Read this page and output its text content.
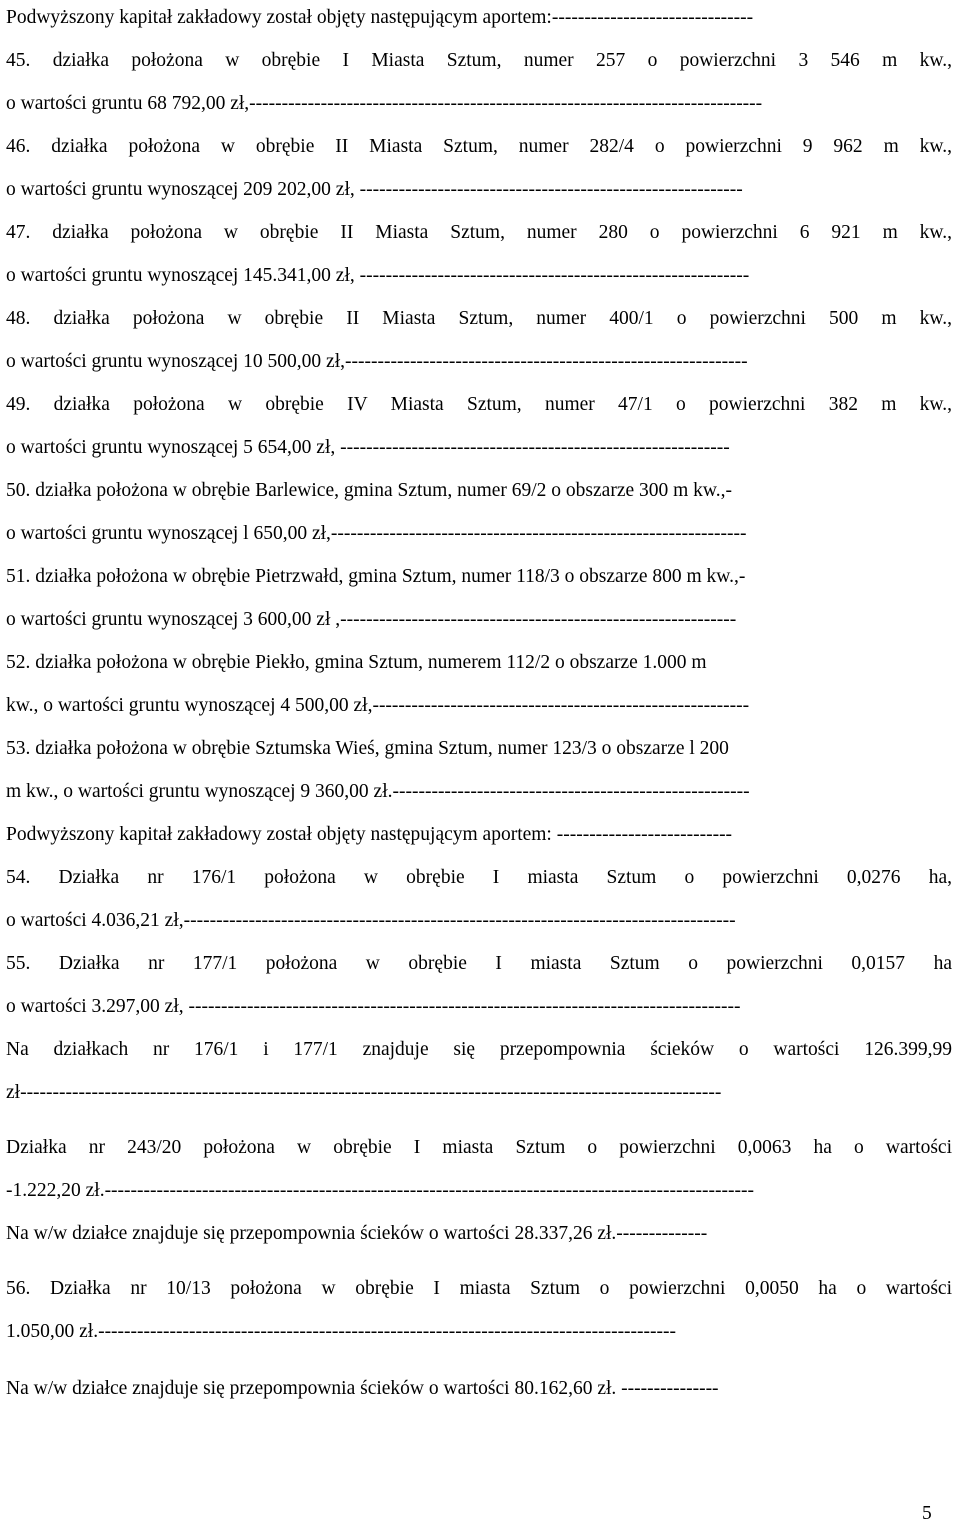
Podwyższony kapitał zakładowy został objęty następującym aportem:-------------------------------
45. działka położona w obrębie I Miasta Sztum, numer 257 o powierzchni 3 546 m kw.,
o wartości gruntu 68 792,00 zł,-------------------------------------------------------------------------------
46. działka położona w obrębie II Miasta Sztum, numer 282/4 o powierzchni 9 962 m kw.,
o wartości gruntu wynoszącej 209 202,00 zł, -----------------------------------------------------------
47. działka położona w obrębie II Miasta Sztum, numer 280 o powierzchni 6 921 m kw.,
o wartości gruntu wynoszącej 145.341,00 zł, ------------------------------------------------------------
48. działka położona w obrębie II Miasta Sztum, numer 400/1 o powierzchni 500 m kw.,
o wartości gruntu wynoszącej 10 500,00 zł,--------------------------------------------------------------
49. działka położona w obrębie IV Miasta Sztum, numer 47/1 o powierzchni 382 m kw.,
o wartości gruntu wynoszącej 5 654,00 zł, ------------------------------------------------------------
50. działka położona w obrębie Barlewice, gmina Sztum, numer 69/2 o obszarze 300 m kw.,-
o wartości gruntu wynoszącej l 650,00 zł,----------------------------------------------------------------
51. działka położona w obrębie Pietrzwałd, gmina Sztum, numer 118/3 o obszarze 800 m kw.,-
o wartości gruntu wynoszącej 3 600,00 zł ,-------------------------------------------------------------
52. działka położona w obrębie Piekło, gmina Sztum, numerem 112/2 o obszarze 1.000 m
kw., o wartości gruntu wynoszącej 4 500,00 zł,----------------------------------------------------------
53. działka położona w obrębie Sztumska Wieś, gmina Sztum, numer 123/3 o obszarze l 200
m kw., o wartości gruntu wynoszącej 9 360,00 zł.-------------------------------------------------------
Podwyższony kapitał zakładowy został objęty następującym aportem: ---------------------------
54. Działka nr 176/1 położona w obrębie I miasta Sztum o powierzchni 0,0276 ha,
o wartości 4.036,21 zł,-------------------------------------------------------------------------------------
55. Działka nr 177/1 położona w obrębie I miasta Sztum o powierzchni 0,0157 ha
o wartości 3.297,00 zł, -------------------------------------------------------------------------------------
Na działkach nr 176/1 i 177/1 znajduje się przepompownia ścieków o wartości 126.399,99
zł------------------------------------------------------------------------------------------------------------
Działka nr 243/20 położona w obrębie I miasta Sztum o powierzchni 0,0063 ha o wartości
-1.222,20 zł.----------------------------------------------------------------------------------------------------
Na w/w działce znajduje się przepompownia ścieków o wartości 28.337,26 zł.--------------
56. Działka nr 10/13 położona w obrębie I miasta Sztum o powierzchni 0,0050 ha o wartości
1.050,00 zł.-----------------------------------------------------------------------------------------
Na w/w działce znajduje się przepompownia ścieków o wartości 80.162,60 zł. ---------------
5
